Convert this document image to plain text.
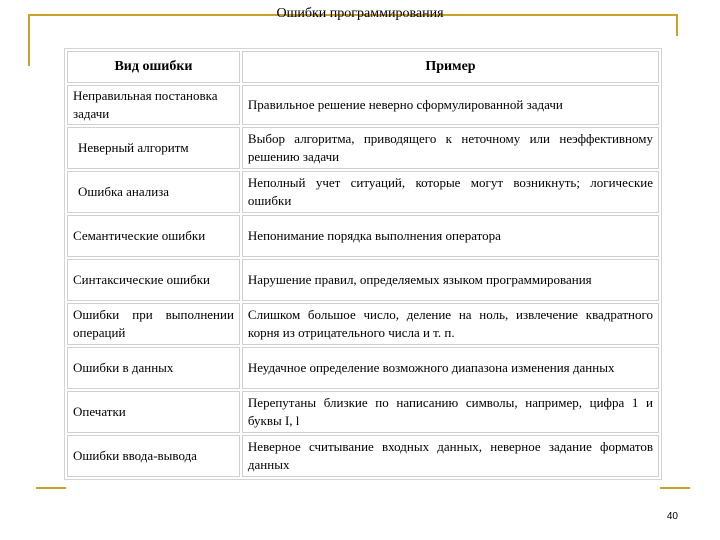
Ошибки программирования
Вид ошибки	Пример
Неправильная постановка задачи	Правильное решение неверно сформулированной задачи
Неверный алгоритм	Выбор алгоритма, приводящего к неточному или неэффективному решению задачи
Ошибка анализа	Неполный учет ситуаций, которые могут возникнуть; логические ошибки
Семантические ошибки	Непонимание порядка выполнения оператора
Синтаксические ошибки	Нарушение правил, определяемых языком программирования
Ошибки при выполнении операций	Слишком большое число, деление на ноль, извлечение квадратного корня из отрицательного числа и т. п.
Ошибки в данных	Неудачное определение возможного диапазона изменения данных
Опечатки	Перепутаны близкие по написанию символы, например, цифра 1 и буквы I, l
Ошибки ввода-вывода	Неверное считывание входных данных, неверное задание форматов данных
40
